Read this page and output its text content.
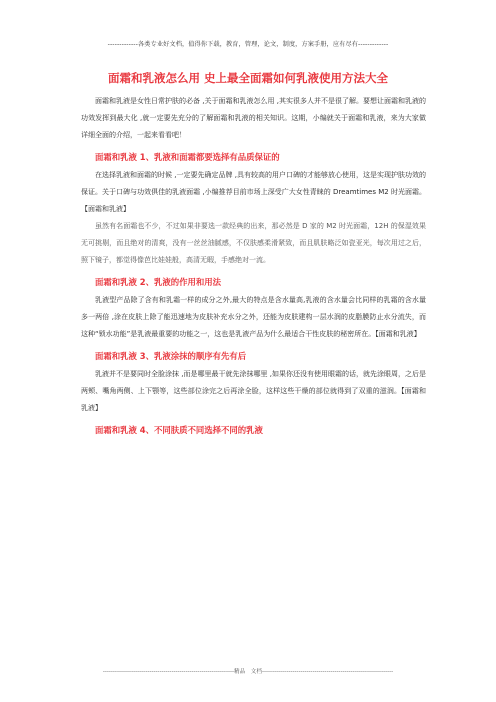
-------------各类专业好文档，值得你下载，教育，管理，论文，制度，方案手册，应有尽有-------------
面霜和乳液怎么用 史上最全面霜如何乳液使用方法大全

面霜和乳液是女性日常护肤的必备 ,关于面霜和乳液怎么用 ,其实很多人并不是很了解。要想让面霜和乳液的功效发挥到最大化 ,就一定要先充分的了解面霜和乳液的相关知识。这期，小编就关于面霜和乳液，来为大家做详细全面的介绍，一起来看看吧！

面霜和乳液 1、乳液和面霜都要选择有品质保证的

在选择乳液和面霜的时候 ,一定要先确定品牌 ,具有较高的用户口碑的才能够放心使用，这是实现护肤功效的保证。关于口碑与功效俱佳的乳液面霜 ,小编推荐目前市场上深受广大女性青睐的 Dreamtimes M2 时光面霜。【面霜和乳液】

虽然有名面霜也不少，不过如果非要选一款经典的出来，那必然是 D 家的 M2 时光面霜，12H 的保湿效果无可挑剔，而且绝对的清爽，没有一丝丝油腻感，不仅肤感柔滑紧致，而且肌肤略泛如瓷亚光，每次用过之后，照下镜子，都觉得像芭比娃娃般，高清无暇，手感绝对一流。

面霜和乳液 2、乳液的作用和用法

乳液型产品除了含有和乳霜一样的成分之外,最大的特点是含水量高,乳液的含水量会比同样的乳霜的含水量多一两倍 ,涂在皮肤上除了能迅速地为皮肤补充水分之外，还能为皮肤建构一层水润的皮脂膜防止水分流失，而这种“锁水功能”是乳液最重要的功能之一，这也是乳液产品为什么最适合干性皮肤的秘密所在。【面霜和乳液】

面霜和乳液 3、乳液涂抹的顺序有先有后

乳液并不是要同时全脸涂抹 ,而是哪里最干就先涂抹哪里 ,如果你还没有使用眼霜的话，就先涂眼周，之后是两颊、嘴角两侧、上下颚等，这些部位涂完之后再涂全脸，这样这些干燥的部位就得到了双重的滋润。【面霜和乳液】

面霜和乳液 4、不同肤质不同选择不同的乳液
-----------------------------------------------------------------精品　文档-----------------------------------------------------------------
